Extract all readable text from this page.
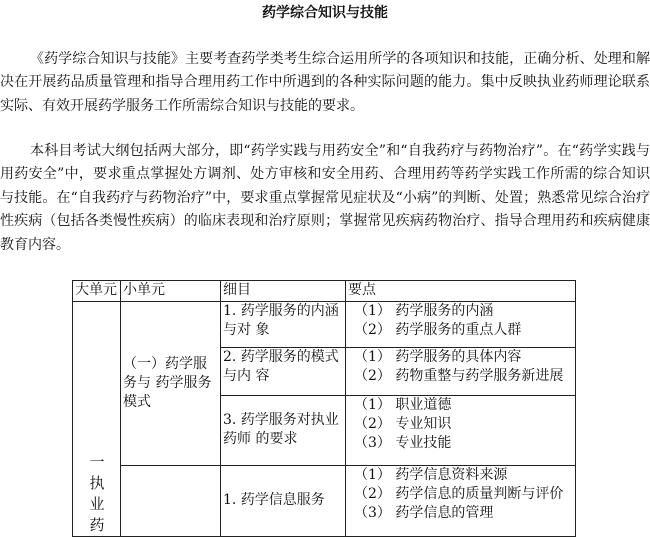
药学综合知识与技能

《药学综合知识与技能》主要考查药学类考生综合运用所学的各项知识和技能，正确分析、处理和解决在开展药品质量管理和指导合理用药工作中所遇到的各种实际问题的能力。集中反映执业药师理论联系实际、有效开展药学服务工作所需综合知识与技能的要求。

本科目考试大纲包括两大部分，即“药学实践与用药安全”和“自我药疗与药物治疗”。在“药学实践与用药安全”中，要求重点掌握处方调剂、处方审核和安全用药、合理用药等药学实践工作所需的综合知识与技能。在“自我药疗与药物治疗”中，要求重点掌握常见症状及“小病”的判断、处置；熟悉常见综合治疗性疾病（包括各类慢性疾病）的临床表现和治疗原则；掌握常见疾病药物治疗、指导合理用药和疾病健康教育内容。

大单元	小单元	细目	要点

一执业药	（一）药学服务与 药学服务模式	1. 药学服务的内涵与对 象	（1） 药学服务的内涵
（2） 药学服务的重点人群

		2. 药学服务的模式与内 容	（1） 药学服务的具体内容
（2） 药物重整与药学服务新进展

		3. 药学服务对执业药师 的要求	（1） 职业道德
（2） 专业知识
（3） 专业技能

		1. 药学信息服务	（1） 药学信息资料来源
（2） 药学信息的质量判断与评价
（3） 药学信息的管理
